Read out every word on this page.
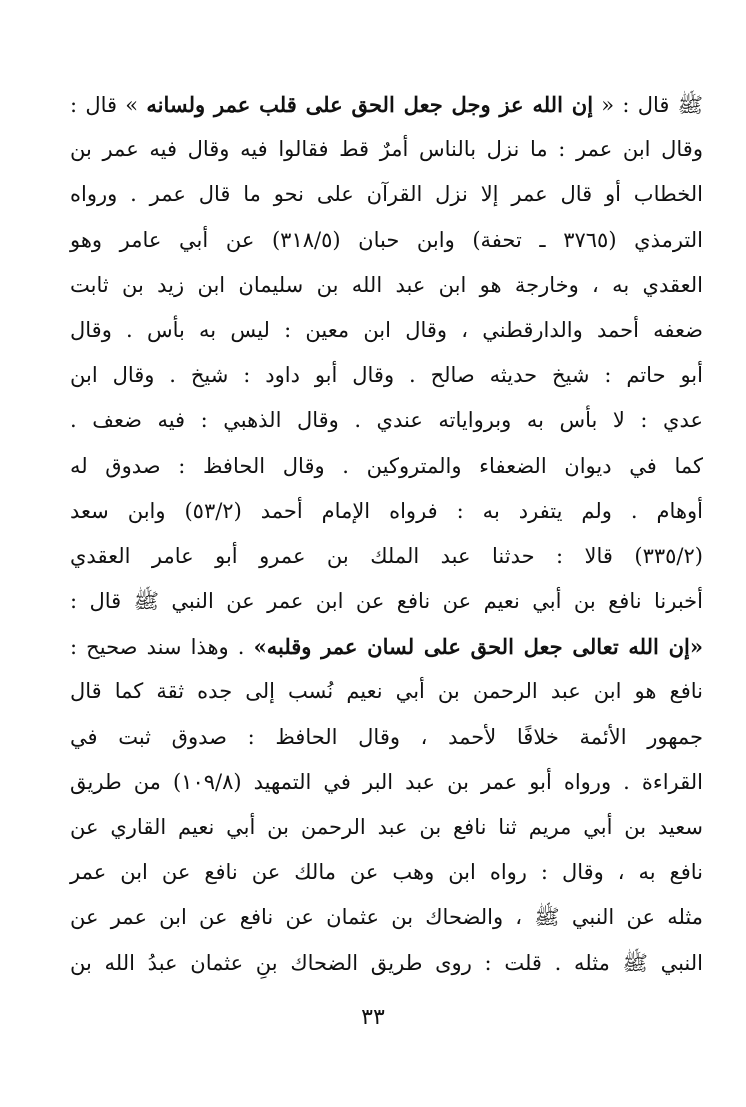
ﷺ قال : « إن الله عز وجل جعل الحق على قلب عمر ولسانه » قال :
وقال ابن عمر : ما نزل بالناس أمرٌ قط فقالوا فيه وقال فيه عمر بن
الخطاب أو قال عمر إلا نزل القرآن على نحو ما قال عمر . ورواه
الترمذي (٣٧٦٥ ـ تحفة) وابن حبان (٣١٨/٥) عن أبي عامر وهو
العقدي به ، وخارجة هو ابن عبد الله بن سليمان ابن زيد بن ثابت
ضعفه أحمد والدارقطني ، وقال ابن معين : ليس به بأس . وقال
أبو حاتم : شيخ حديثه صالح . وقال أبو داود : شيخ . وقال ابن
عدي : لا بأس به وبرواياته عندي . وقال الذهبي : فيه ضعف .
كما في ديوان الضعفاء والمتروكين . وقال الحافظ : صدوق له
أوهام . ولم يتفرد به : فرواه الإمام أحمد (٥٣/٢) وابن سعد
(٣٣٥/٢) قالا : حدثنا عبد الملك بن عمرو أبو عامر العقدي
أخبرنا نافع بن أبي نعيم عن نافع عن ابن عمر عن النبي ﷺ قال :
«إن الله تعالى جعل الحق على لسان عمر وقلبه» . وهذا سند صحيح :
نافع هو ابن عبد الرحمن بن أبي نعيم نُسب إلى جده ثقة كما قال
جمهور الأئمة خلافًا لأحمد ، وقال الحافظ : صدوق ثبت في
القراءة . ورواه أبو عمر بن عبد البر في التمهيد (١٠٩/٨) من طريق
سعيد بن أبي مريم ثنا نافع بن عبد الرحمن بن أبي نعيم القاري عن
نافع به ، وقال : رواه ابن وهب عن مالك عن نافع عن ابن عمر
مثله عن النبي ﷺ ، والضحاك بن عثمان عن نافع عن ابن عمر عن
النبي ﷺ مثله . قلت : روى طريق الضحاك بنِ عثمان عبدُ الله بن
٣٣
